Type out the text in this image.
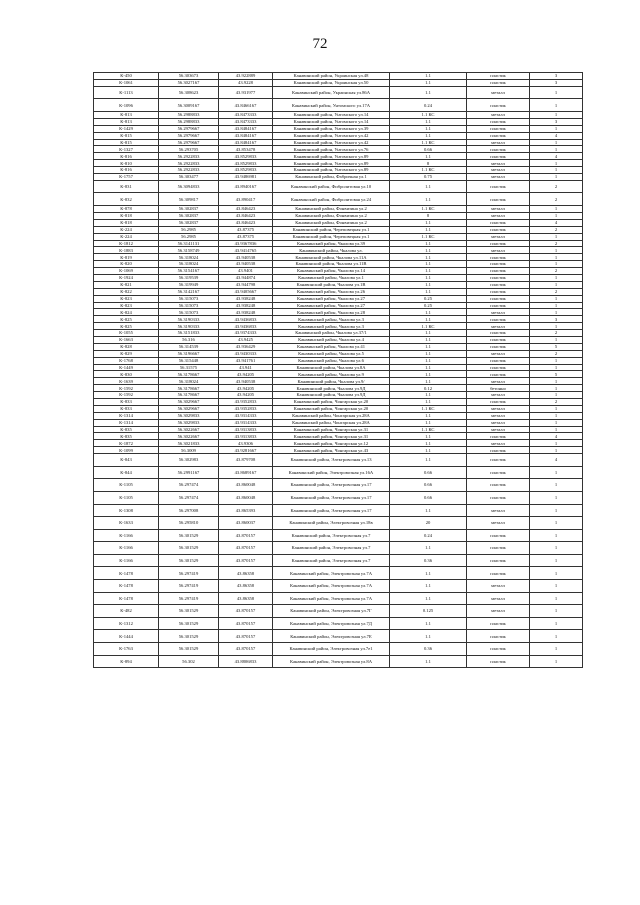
72
К-450	56.303673	43.922889	Канавинский район, Украинская ул.48	1.1	пластик	3
К-1061	56.3027167	43.9228	Канавинский район, Украинская ул.50	1.1	пластик	3
К-1113	56.308623	43.931977	Канавинский район, Украинская ул.86А	1.1	металл	1
К-1096	56.3009167	43.8466167	Канавинский район, Унтомского ул.17А	0.24	пластик	1
К-813	56.2988833	43.8473333	Канавинский район, Унтомского ул.14	1.1 КС	металл	1
К-813	56.2988833	43.8473333	Канавинский район, Унтомского ул.14	1.1	пластик	3
К-1429	56.2979667	43.8484167	Канавинский район, Унтомского ул.39	1.1	пластик	1
К-815	56.2979667	43.8484167	Канавинский район, Унтомского ул.42	1.1	пластик	4
К-815	56.2979667	43.8484167	Канавинский район, Унтомского ул.42	1.1 КС	металл	1
К-1327	56.293705	43.853478	Канавинский район, Унтомского ул.76	0.66	пластик	1
К-816	56.2922833	43.8529833	Канавинский район, Унтомского ул.89	1.1	пластик	4
К-810	56.2922833	43.8529833	Канавинский район, Унтомского ул.89	8	металл	1
К-816	56.2922833	43.8529833	Канавинский район, Унтомского ул.89	1.1 КС	металл	1
К-1757	56.303477	43.9486981	Канавинский район, Фабричная ул.1	0.75	металл	1
К-831	56.3094833	43.8940167	Канавинский район, Фибролитовая ул.10	1.1	пластик	2
К-832	56.309817	43.890417	Канавинский район, Фибролитовая ул.24	1.1	пластик	2
К-878	56.302837	43.846423	Канавинский район, Фонвизина ул.2	1.1 КС	металл	1
К-818	56.302837	43.846423	Канавинский район, Фонвизина ул.2	8	металл	1
К-818	56.302837	43.846423	Канавинский район, Фонвизина ул.2	1.1	пластик	4
К-224	56.2985	43.87375	Канавинский район, Череповецкая ул.1	1.1	пластик	2
К-224	56.2985	43.87375	Канавинский район, Череповецкая ул.1	1.1 КС	металл	1
К-1812	56.3141131	43.9367836	Канавинский район, Чкалова ул.39	1.1	пластик	2
К-1883	56.3158749	43.9414765	Канавинский район, Чкалова ул.	1.1	металл	1
К-819	56.318024	43.940538	Канавинский район, Чкалова ул.11А	1.1	пластик	1
К-820	56.318024	43.940538	Канавинский район, Чкалова ул.11В	1.1	пластик	1
К-1069	56.3154167	43.9401	Канавинский район, Чкалова ул.14	1.1	пластик	2
К-1924	56.319539	43.944874	Канавинский район, Чкалова ул.1	1.1	пластик	1
К-821	56.319949	43.944798	Канавинский район, Чкалова ул.1В	1.1	пластик	1
К-822	56.3142167	43.9405667	Канавинский район, Чкалова ул.26	1.1	пластик	2
К-823	56.315073	43.938248	Канавинский район, Чкалова ул.27	0.25	пластик	1
К-823	56.315073	43.938248	Канавинский район, Чкалова ул.27	0.25	пластик	1
К-824	56.315073	43.938248	Канавинский район, Чкалова ул.28	1.1	металл	1
К-825	56.3190333	43.9436833	Канавинский район, Чкалова ул.3	1.1	пластик	3
К-825	56.3190333	43.9436833	Канавинский район, Чкалова ул.3	1.1 КС	металл	1
К-1055	56.3151833	43.9374333	Канавинский район, Чкалова ул.37/1	1.1	пластик	2
К-1663	56.316	43.9425	Канавинский район, Чкалова ул.4	1.1	пластик	1
К-828	56.314539	43.936429	Канавинский район, Чкалова ул.41	1.1	пластик	5
К-829	56.3196667	43.9430333	Канавинский район, Чкалова ул.5	1.1	металл	2
К-1768	56.315448	43.941761	Канавинский район, Чкалова ул.6	1.1	пластик	1
К-1449	56.31575	43.941	Канавинский район, Чкалова ул.8А	1.1	пластик	1
К-830	56.3178667	43.94205	Канавинский район, Чкалова ул.9	1.1	пластик	5
К-1639	56.318024	43.940538	Канавинский район, Чкалова ул.9/	1.1	металл	1
К-1592	56.3178667	43.94205	Канавинский район, Чкалова ул.9Д	0.12	бетонно	1
К-1592	56.3178667	43.94205	Канавинский район, Чкалова ул.9Д	1.1	металл	1
К-833	56.3029667	43.9352833	Канавинский район, Чонгарская ул.20	1.1	пластик	2
К-833	56.3029667	43.9352833	Канавинский район, Чонгарская ул.20	1.1 КС	металл	1
К-1314	56.3029833	43.9314333	Канавинский район, Чонгарская ул.28А	1.1	металл	1
К-1314	56.3029833	43.9314333	Канавинский район, Чонгарская ул.28А	1.1	металл	1
К-835	56.3022667	43.9313833	Канавинский район, Чонгарская ул.31	1.1 КС	металл	1
К-835	56.3022667	43.9313833	Канавинский район, Чонгарская ул.31	1.1	пластик	4
К-1872	56.3021833	43.9306	Канавинский район, Чонгарская ул.12	1.1	металл	1
К-1099	56.3009	43.9281667	Канавинский район, Чонгарская ул.43	1.1	пластик	1
К-843	56.302983	43.879708	Канавинский район, Электровозная ул.13	1.1	пластик	4
К-844	56.2991167	43.8689167	Канавинский район, Электровозная ул.16А	0.66	пластик	1
К-1105	56.297474	43.860048	Канавинский район, Электровозная ул.17	0.66	пластик	1
К-1105	56.297474	43.860048	Канавинский район, Электровозная ул.17	0.66	пластик	1
К-1308	56.297008	43.865393	Канавинский район, Электровозная ул.17	1.1	металл	1
К-1633	56.295810	43.860037	Канавинский район, Электровозная ул.18в	20	металл	1
К-1166	56.301529	43.870157	Канавинский район, Электровозная ул.7	0.24	пластик	1
К-1166	56.301529	43.870157	Канавинский район, Электровозная ул.7	1.1	пластик	1
К-1166	56.301529	43.870157	Канавинский район, Электровозная ул.7	0.36	пластик	1
К-1478	56.297419	43.86358	Канавинский район, Электровозная ул.7А	1.1	пластик	1
К-1478	56.297419	43.86358	Канавинский район, Электровозная ул.7А	1.1	металл	1
К-1478	56.297419	43.86358	Канавинский район, Электровозная ул.7А	1.1	металл	1
К-482	56.301529	43.870157	Канавинский район, Электровозная ул.7Г	0.125	металл	1
К-1312	56.301529	43.870157	Канавинский район, Электровозная ул.7Д	1.1	пластик	1
К-1444	56.301529	43.870157	Канавинский район, Электровозная ул.7Е	1.1	пластик	1
К-1763	56.301529	43.870157	Канавинский район, Электровозная ул.7е1	0.36	пластик	1
К-894	56.302	43.8806833	Канавинский район, Электровозная ул.8А	1.1	пластик	1
